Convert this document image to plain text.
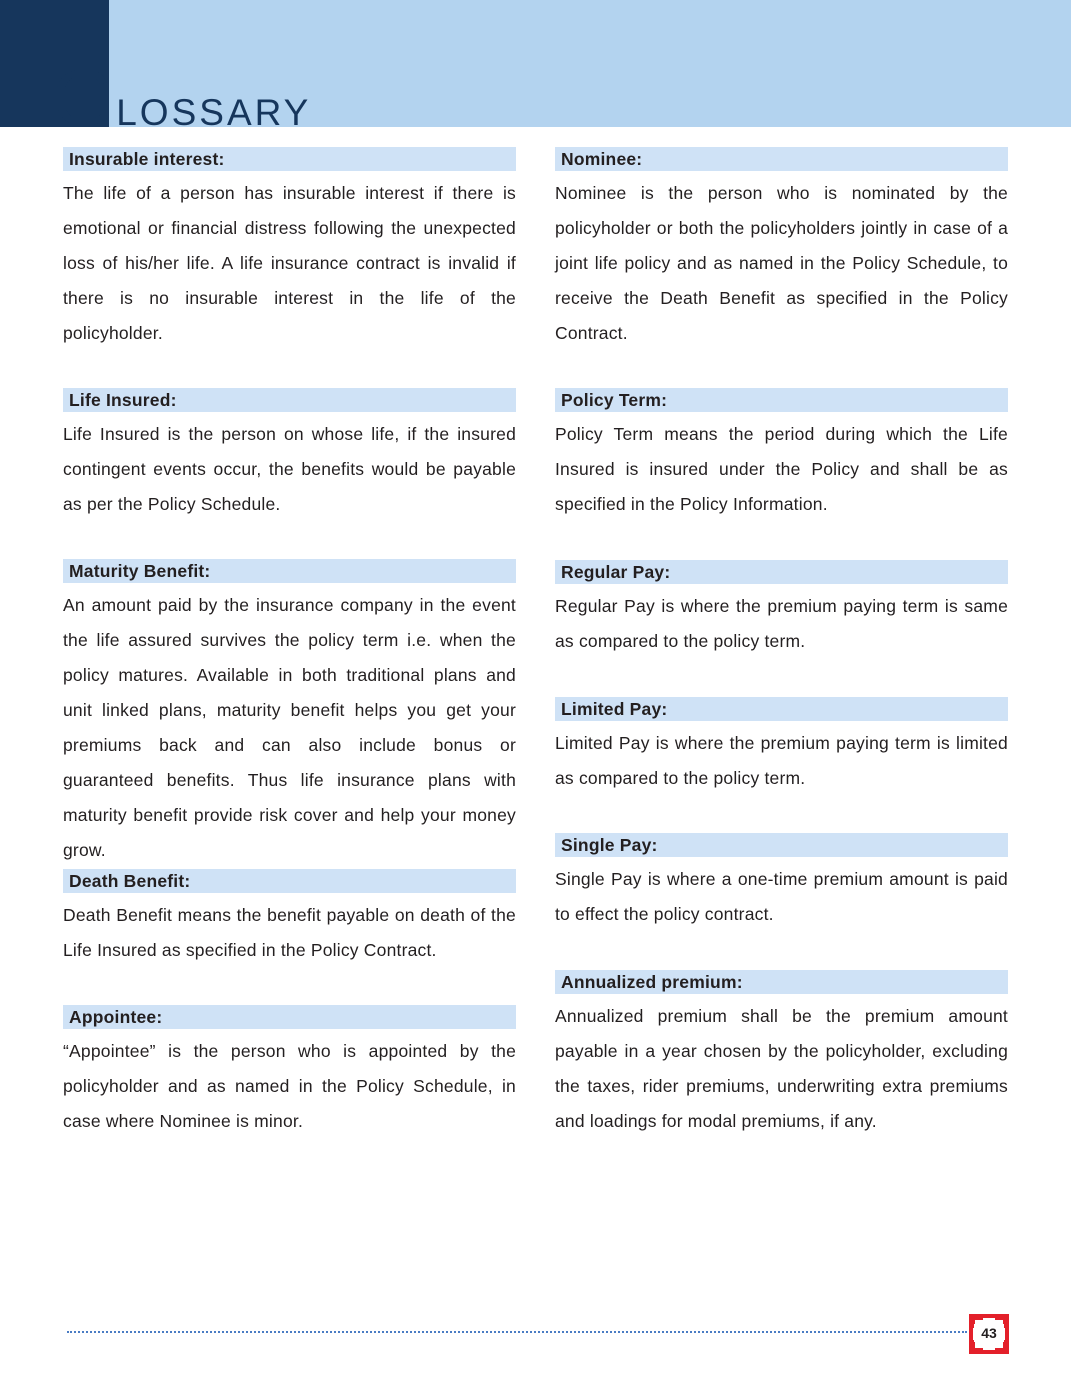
GLOSSARY
Insurable interest:

The life of a person has insurable interest if there is emotional or financial distress following the unexpected loss of his/her life. A life insurance contract is invalid if there is no insurable interest in the life of the policyholder.

Life Insured:

Life Insured is the person on whose life, if the insured contingent events occur, the benefits would be payable as per the Policy Schedule.

Maturity Benefit:

An amount paid by the insurance company in the event the life assured survives the policy term i.e. when the policy matures. Available in both traditional plans and unit linked plans, maturity benefit helps you get your premiums back and can also include bonus or guaranteed benefits. Thus life insurance plans with maturity benefit provide risk cover and help your money grow.

Death Benefit:

Death Benefit means the benefit payable on death of the Life Insured as specified in the Policy Contract.

Appointee:

“Appointee” is the person who is appointed by the policyholder and as named in the Policy Schedule, in case where Nominee is minor.

Nominee:

Nominee is the person who is nominated by the policyholder or both the policyholders jointly in case of a joint life policy and as named in the Policy Schedule, to receive the Death Benefit as specified in the Policy Contract.

Policy Term:

Policy Term means the period during which the Life Insured is insured under the Policy and shall be as specified in the Policy Information.

Regular Pay:

Regular Pay is where the premium paying term is same as compared to the policy term.

Limited Pay:

Limited Pay is where the premium paying term is limited as compared to the policy term.

Single Pay:

Single Pay is where a one-time premium amount is paid to effect the policy contract.

Annualized premium:

Annualized premium shall be the premium amount payable in a year chosen by the policyholder, excluding the taxes, rider premiums, underwriting extra premiums and loadings for modal premiums, if any.

43
